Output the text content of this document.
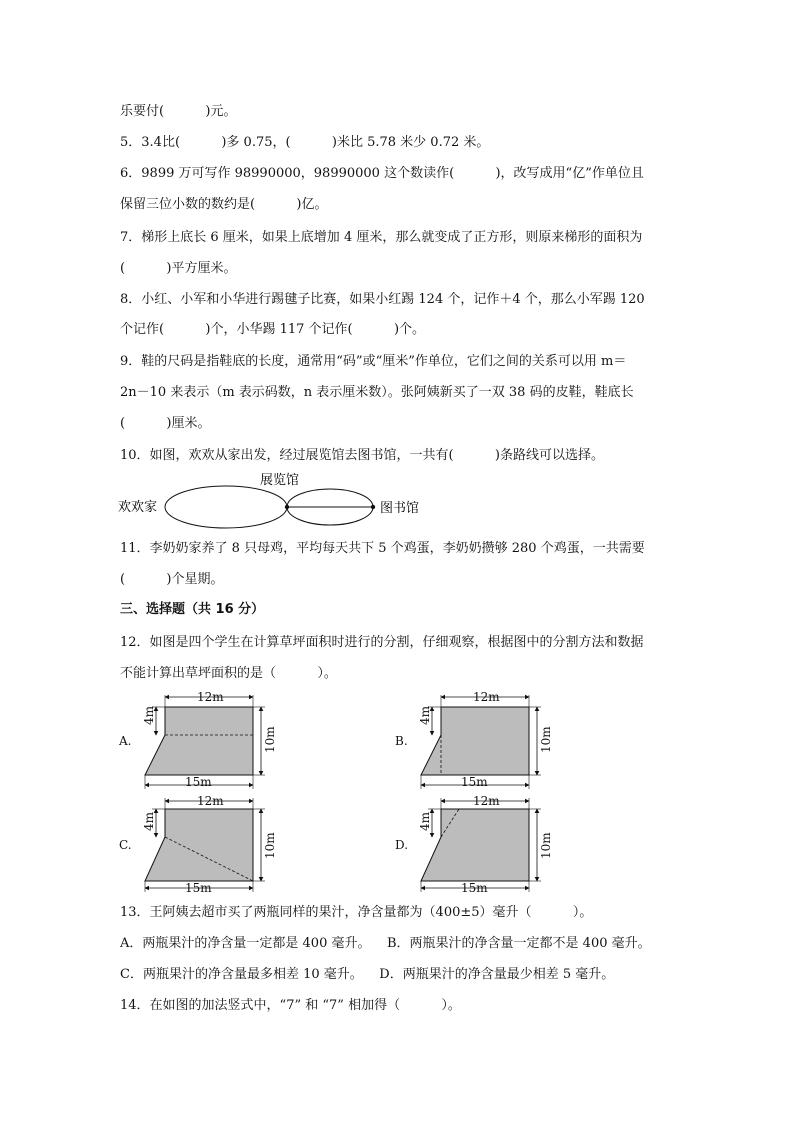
乐要付(          )元。
5．3.4比(          )多 0.75，(          )米比 5.78 米少 0.72 米。
6．9899 万可写作 98990000，98990000 这个数读作(          )，改写成用“亿”作单位且
保留三位小数的数约是(          )亿。
7．梯形上底长 6 厘米，如果上底增加 4 厘米，那么就变成了正方形，则原来梯形的面积为
(          )平方厘米。
8．小红、小军和小华进行踢毽子比赛，如果小红踢 124 个，记作＋4 个，那么小军踢 120
个记作(          )个，小华踢 117 个记作(          )个。
9．鞋的尺码是指鞋底的长度，通常用“码”或“厘米”作单位，它们之间的关系可以用 m＝
2n－10 来表示（m 表示码数，n 表示厘米数）。张阿姨新买了一双 38 码的皮鞋，鞋底长
(          )厘米。
10．如图，欢欢从家出发，经过展览馆去图书馆，一共有(          )条路线可以选择。
欢欢家
展览馆
图书馆
11．李奶奶家养了 8 只母鸡，平均每天共下 5 个鸡蛋，李奶奶攒够 280 个鸡蛋，一共需要
(          )个星期。
三、选择题（共 16 分）
12．如图是四个学生在计算草坪面积时进行的分割，仔细观察，根据图中的分割方法和数据
不能计算出草坪面积的是（          ）。
12m
15m
4m
10m
A.
12m
15m
4m
10m
B.
12m
15m
4m
10m
C.
12m
15m
4m
10m
D.
13．王阿姨去超市买了两瓶同样的果汁，净含量都为（400±5）毫升（          ）。
A．两瓶果汁的净含量一定都是 400 毫升。    B．两瓶果汁的净含量一定都不是 400 毫升。
C．两瓶果汁的净含量最多相差 10 毫升。    D．两瓶果汁的净含量最少相差 5 毫升。
14．在如图的加法竖式中，“7” 和 “7” 相加得（          ）。
